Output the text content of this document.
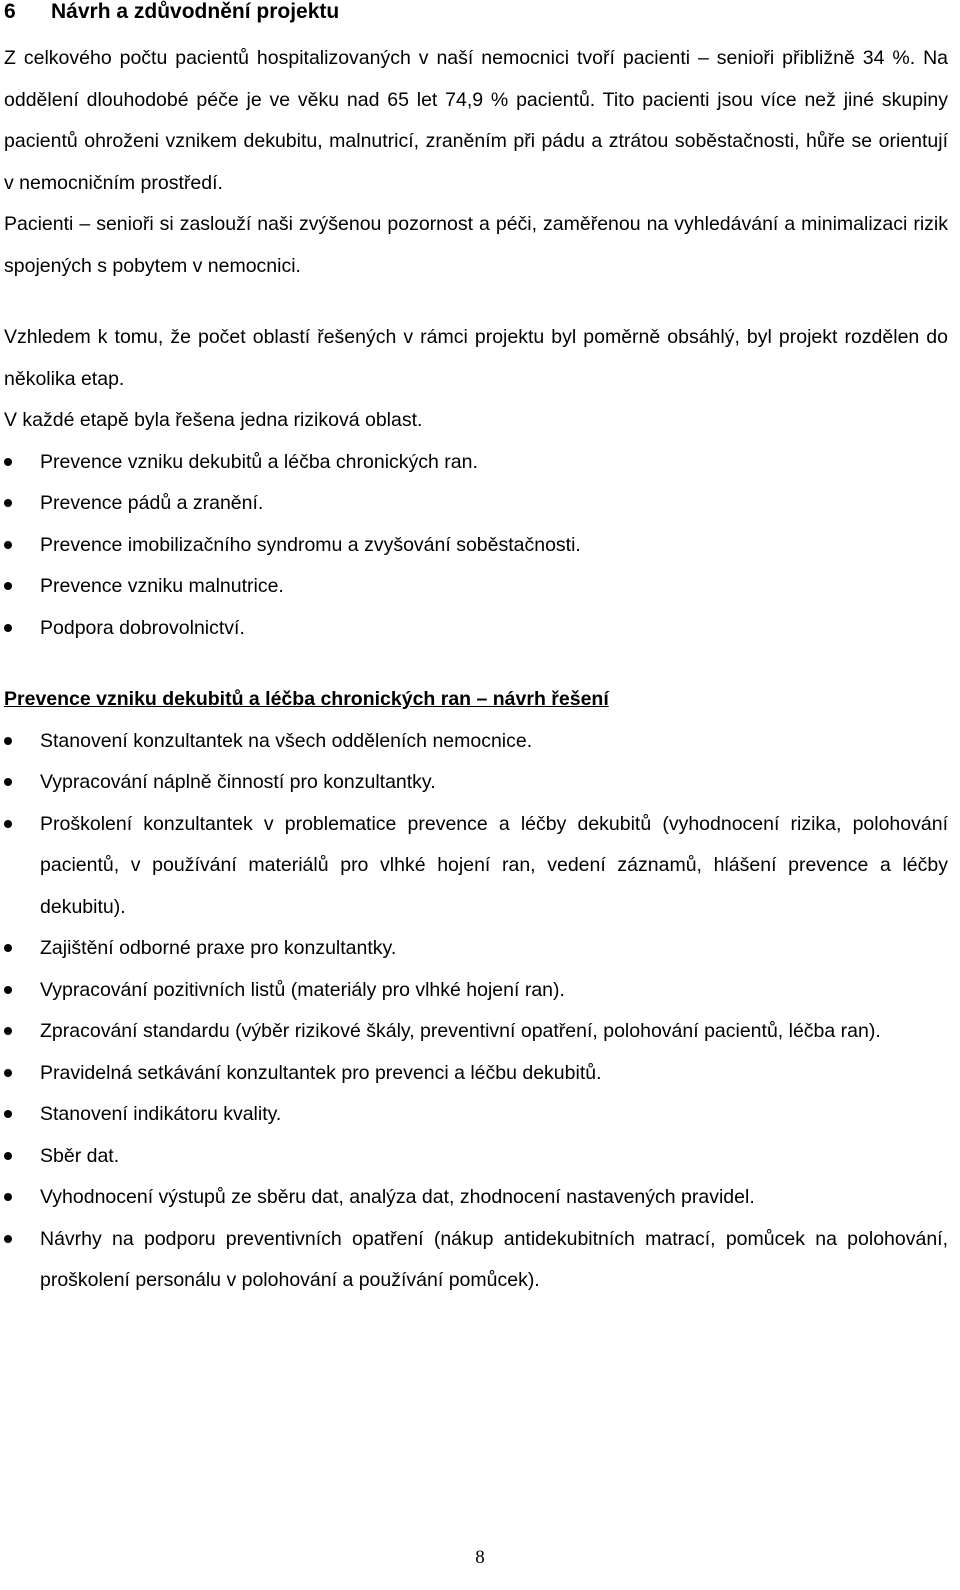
6 Návrh a zdůvodnění projektu

Z celkového počtu pacientů hospitalizovaných v naší nemocnici tvoří pacienti – senioři přibližně 34 %. Na oddělení dlouhodobé péče je ve věku nad 65 let 74,9 % pacientů. Tito pacienti jsou více než jiné skupiny pacientů ohroženi vznikem dekubitu, malnutricí, zraněním při pádu a ztrátou soběstačnosti, hůře se orientují v nemocničním prostředí.

Pacienti – senioři si zaslouží naši zvýšenou pozornost a péči, zaměřenou na vyhledávání a minimalizaci rizik spojených s pobytem v nemocnici.

Vzhledem k tomu, že počet oblastí řešených v rámci projektu byl poměrně obsáhlý, byl projekt rozdělen do několika etap.

V každé etapě byla řešena jedna riziková oblast.

Prevence vzniku dekubitů a léčba chronických ran.
Prevence pádů a zranění.
Prevence imobilizačního syndromu a zvyšování soběstačnosti.
Prevence vzniku malnutrice.
Podpora dobrovolnictví.

Prevence vzniku dekubitů a léčba chronických ran – návrh řešení

Stanovení konzultantek na všech odděleních nemocnice.
Vypracování náplně činností pro konzultantky.
Proškolení konzultantek v problematice prevence a léčby dekubitů (vyhodnocení rizika, polohování pacientů, v používání materiálů pro vlhké hojení ran, vedení záznamů, hlášení prevence a léčby dekubitu).
Zajištění odborné praxe pro konzultantky.
Vypracování pozitivních listů (materiály pro vlhké hojení ran).
Zpracování standardu (výběr rizikové škály, preventivní opatření, polohování pacientů, léčba ran).
Pravidelná setkávání konzultantek pro prevenci a léčbu dekubitů.
Stanovení indikátoru kvality.
Sběr dat.
Vyhodnocení výstupů ze sběru dat, analýza dat, zhodnocení nastavených pravidel.
Návrhy na podporu preventivních opatření (nákup antidekubitních matrací, pomůcek na polohování, proškolení personálu v polohování a používání pomůcek).
8
